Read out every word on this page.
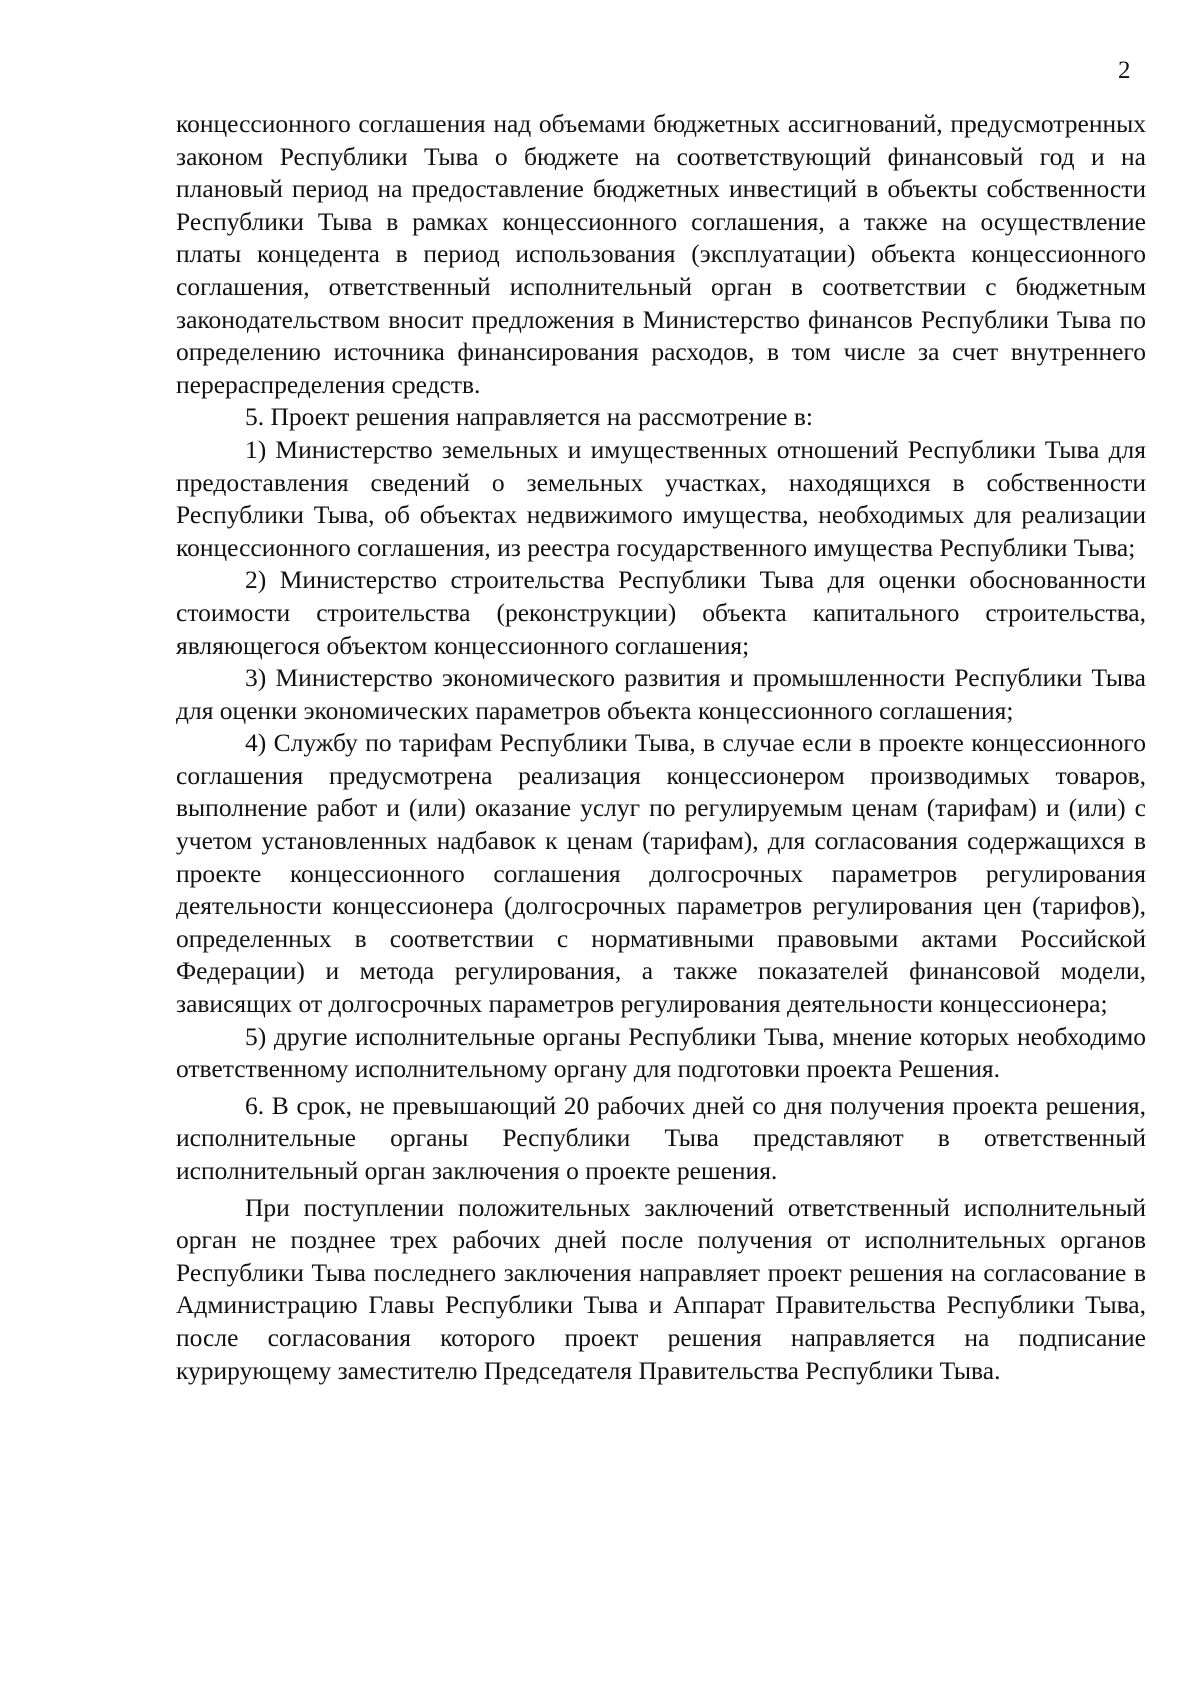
2

концессионного соглашения над объемами бюджетных ассигнований, предусмотренных законом Республики Тыва о бюджете на соответствующий финансовый год и на плановый период на предоставление бюджетных инвестиций в объекты собственности Республики Тыва в рамках концессионного соглашения, а также на осуществление платы концедента в период использования (эксплуатации) объекта концессионного соглашения, ответственный исполнительный орган в соответствии с бюджетным законодательством вносит предложения в Министерство финансов Республики Тыва по определению источника финансирования расходов, в том числе за счет внутреннего перераспределения средств.

5. Проект решения направляется на рассмотрение в:

1) Министерство земельных и имущественных отношений Республики Тыва для предоставления сведений о земельных участках, находящихся в собственности Республики Тыва, об объектах недвижимого имущества, необходимых для реализации концессионного соглашения, из реестра государственного имущества Республики Тыва;

2) Министерство строительства Республики Тыва для оценки обоснованности стоимости строительства (реконструкции) объекта капитального строительства, являющегося объектом концессионного соглашения;

3) Министерство экономического развития и промышленности Республики Тыва для оценки экономических параметров объекта концессионного соглашения;

4) Службу по тарифам Республики Тыва, в случае если в проекте концессионного соглашения предусмотрена реализация концессионером производимых товаров, выполнение работ и (или) оказание услуг по регулируемым ценам (тарифам) и (или) с учетом установленных надбавок к ценам (тарифам), для согласования содержащихся в проекте концессионного соглашения долгосрочных параметров регулирования деятельности концессионера (долгосрочных параметров регулирования цен (тарифов), определенных в соответствии с нормативными правовыми актами Российской Федерации) и метода регулирования, а также показателей финансовой модели, зависящих от долгосрочных параметров регулирования деятельности концессионера;

5) другие исполнительные органы Республики Тыва, мнение которых необходимо ответственному исполнительному органу для подготовки проекта Решения.

6. В срок, не превышающий 20 рабочих дней со дня получения проекта решения, исполнительные органы Республики Тыва представляют в ответственный исполнительный орган заключения о проекте решения.

При поступлении положительных заключений ответственный исполнительный орган не позднее трех рабочих дней после получения от исполнительных органов Республики Тыва последнего заключения направляет проект решения на согласование в Администрацию Главы Республики Тыва и Аппарат Правительства Республики Тыва, после согласования которого проект решения направляется на подписание курирующему заместителю Председателя Правительства Республики Тыва.
